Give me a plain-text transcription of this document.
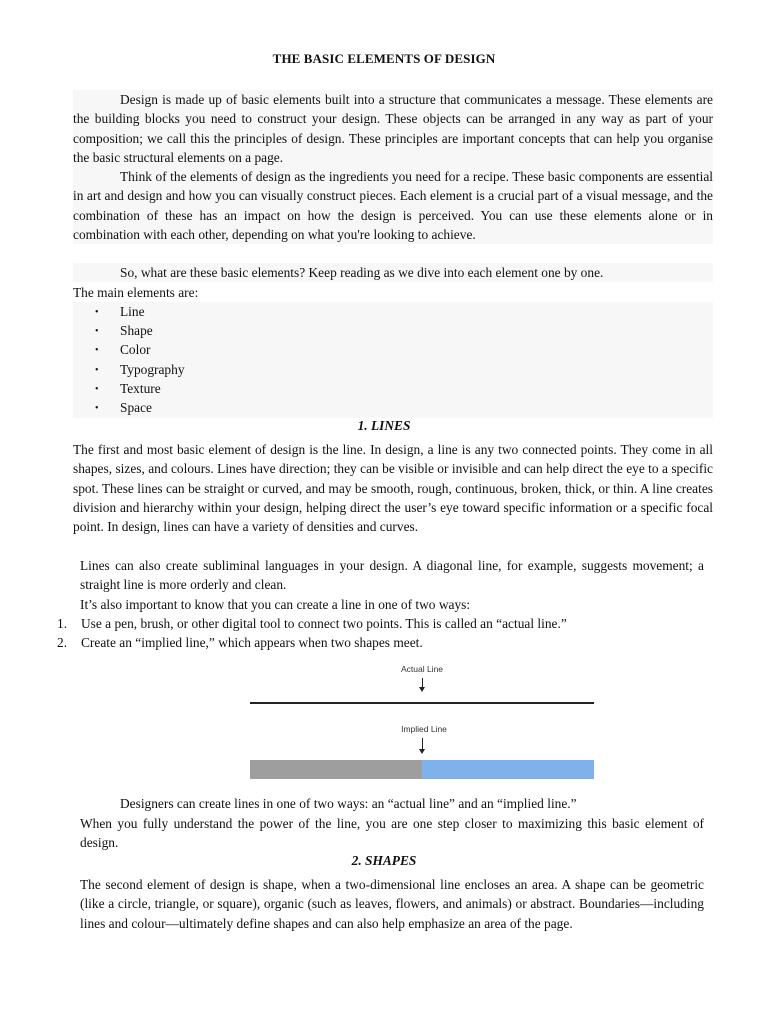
THE BASIC ELEMENTS OF DESIGN

Design is made up of basic elements built into a structure that communicates a message. These elements are the building blocks you need to construct your design. These objects can be arranged in any way as part of your composition; we call this the principles of design. These principles are important concepts that can help you organise the basic structural elements on a page.

Think of the elements of design as the ingredients you need for a recipe. These basic components are essential in art and design and how you can visually construct pieces. Each element is a crucial part of a visual message, and the combination of these has an impact on how the design is perceived. You can use these elements alone or in combination with each other, depending on what you're looking to achieve.

So, what are these basic elements? Keep reading as we dive into each element one by one.

The main elements are:

• Line
• Shape
• Color
• Typography
• Texture
• Space
1. LINES

The first and most basic element of design is the line. In design, a line is any two connected points. They come in all shapes, sizes, and colours. Lines have direction; they can be visible or invisible and can help direct the eye to a specific spot. These lines can be straight or curved, and may be smooth, rough, continuous, broken, thick, or thin. A line creates division and hierarchy within your design, helping direct the user’s eye toward specific information or a specific focal point. In design, lines can have a variety of densities and curves.

Lines can also create subliminal languages in your design. A diagonal line, for example, suggests movement; a straight line is more orderly and clean.

It’s also important to know that you can create a line in one of two ways:

1. Use a pen, brush, or other digital tool to connect two points. This is called an “actual line.”
2. Create an “implied line,” which appears when two shapes meet.
Actual Line
Implied Line

Designers can create lines in one of two ways: an “actual line” and an “implied line.”

When you fully understand the power of the line, you are one step closer to maximizing this basic element of design.

2. SHAPES

The second element of design is shape, when a two-dimensional line encloses an area. A shape can be geometric (like a circle, triangle, or square), organic (such as leaves, flowers, and animals) or abstract. Boundaries—including lines and colour—ultimately define shapes and can also help emphasize an area of the page.
